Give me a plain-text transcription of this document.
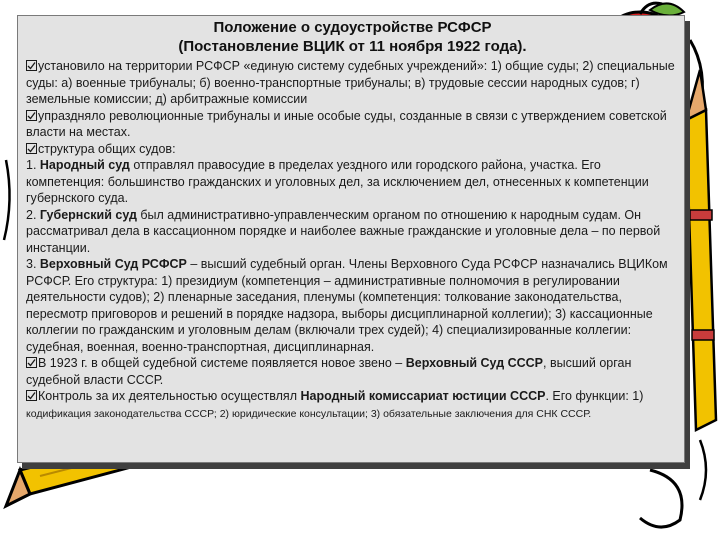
Положение о судоустройстве РСФСР
(Постановление ВЦИК от 11 ноября 1922 года).

установило на территории РСФСР «единую систему судебных учреждений»: 1) общие суды; 2) специальные суды: а) военные трибуналы; б) военно-транспортные трибуналы; в) трудовые сессии народных судов; г) земельные комиссии; д) арбитражные комиссии

упраздняло революционные трибуналы и иные особые суды, созданные в связи с утверждением советской власти на местах.

структура общих судов:

1. Народный суд отправлял правосудие в пределах уездного или городского района, участка. Его компетенция: большинство гражданских и уголовных дел, за исключением дел, отнесенных к компетенции губернского суда.

2. Губернский суд был административно-управленческим органом по отношению к народным судам. Он рассматривал дела в кассационном порядке и наиболее важные гражданские и уголовные дела – по первой инстанции.

3. Верховный Суд РСФСР – высший судебный орган. Члены Верховного Суда РСФСР назначались ВЦИКом РСФСР. Его структура: 1) президиум (компетенция – административные полномочия в регулировании деятельности судов); 2) пленарные заседания, пленумы (компетенция: толкование законодательства, пересмотр приговоров и решений в порядке надзора, выборы дисциплинарной коллегии); 3) кассационные коллегии по гражданским и уголовным делам (включали трех судей); 4) специализированные коллегии: судебная, военная, военно-транспортная, дисциплинарная.

В 1923 г. в общей судебной системе появляется новое звено – Верховный Суд СССР, высший орган судебной власти СССР.

Контроль за их деятельностью осуществлял Народный комиссариат юстиции СССР. Его функции: 1) кодификация законодательства СССР; 2) юридические консультации; 3) обязательные заключения для СНК СССР.
